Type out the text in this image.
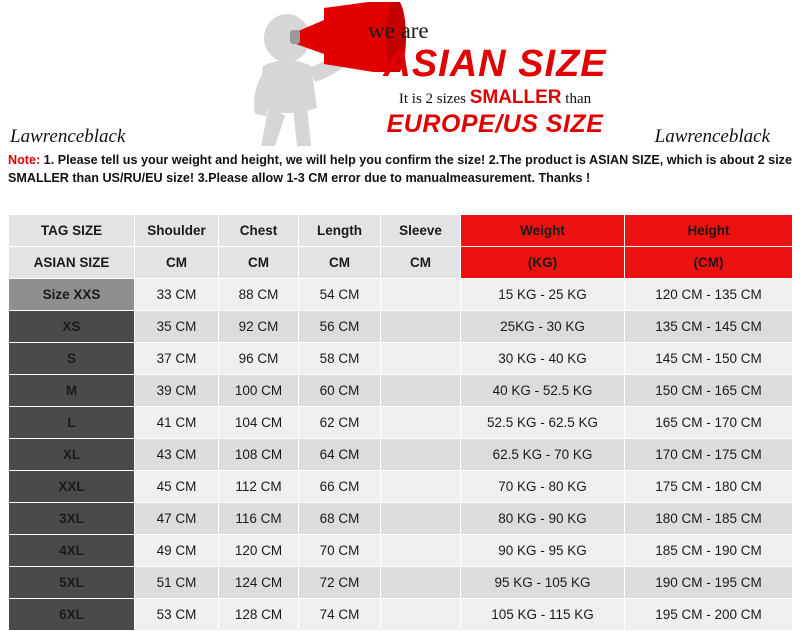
we are
ASIAN SIZE
It is 2 sizes SMALLER than
EUROPE/US SIZE
Lawrenceblack	Lawrenceblack
Note: 1. Please tell us your weight and height, we will help you confirm the size! 2.The product is ASIAN SIZE, which is about 2 size SMALLER than US/RU/EU size! 3.Please allow 1-3 CM error due to manualmeasurement. Thanks !
TAG SIZE	Shoulder	Chest	Length	Sleeve	Weight	Height
ASIAN SIZE	CM	CM	CM	CM	(KG)	(CM)
Size XXS	33 CM	88 CM	54 CM		15 KG - 25 KG	120 CM - 135 CM
XS	35 CM	92 CM	56 CM		25KG - 30 KG	135 CM - 145 CM
S	37 CM	96 CM	58 CM		30 KG - 40 KG	145 CM - 150 CM
M	39 CM	100 CM	60 CM		40 KG - 52.5 KG	150 CM - 165 CM
L	41 CM	104 CM	62 CM		52.5 KG - 62.5 KG	165 CM - 170 CM
XL	43 CM	108 CM	64 CM		62.5 KG - 70 KG	170 CM - 175 CM
XXL	45 CM	112 CM	66 CM		70 KG - 80 KG	175 CM - 180 CM
3XL	47 CM	116 CM	68 CM		80 KG - 90 KG	180 CM - 185 CM
4XL	49 CM	120 CM	70 CM		90 KG - 95 KG	185 CM - 190 CM
5XL	51 CM	124 CM	72 CM		95 KG - 105 KG	190 CM - 195 CM
6XL	53 CM	128 CM	74 CM		105 KG - 115 KG	195 CM - 200 CM
